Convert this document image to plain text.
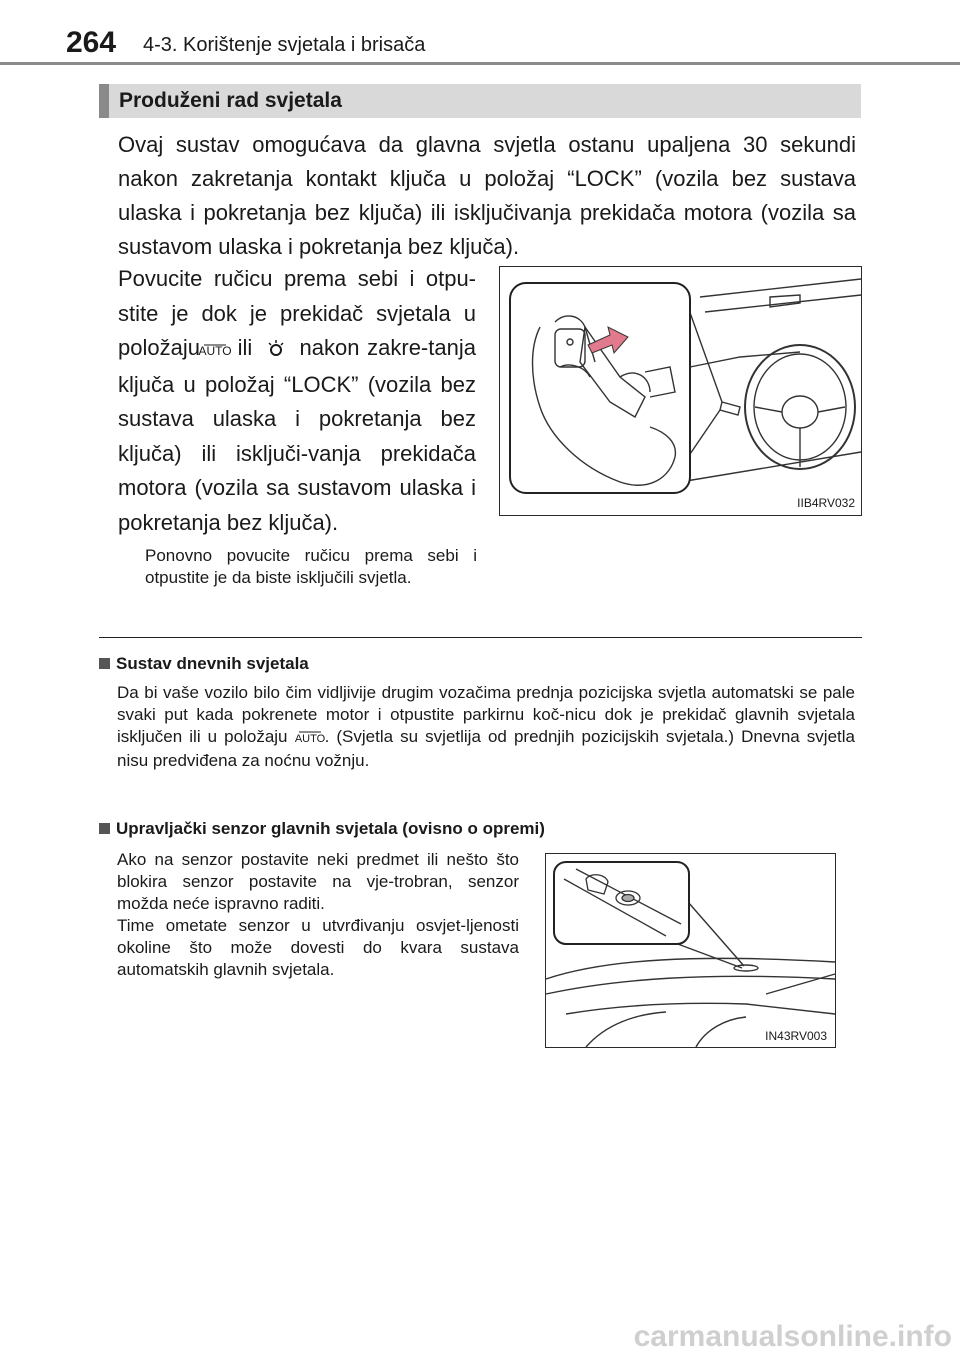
264 4-3. Korištenje svjetala i brisača
Produženi rad svjetala

Ovaj sustav omogućava da glavna svjetla ostanu upaljena 30 sekundi nakon zakretanja kontakt ključa u položaj “LOCK” (vozila bez sustava ulaska i pokretanja bez ključa) ili isključivanja prekidača motora (vozila sa sustavom ulaska i pokretanja bez ključa).

Povucite ručicu prema sebi i otpu-stite je dok je prekidač svjetala u položaju
AUTO ili nakon zakre-tanja ključa u položaj “LOCK” (vozila bez sustava ulaska i pokretanja bez ključa) ili isključi-vanja prekidača motora (vozila sa sustavom ulaska i pokretanja bez ključa).

Ponovno povucite ručicu prema sebi i otpustite je da biste isključili svjetla.

IIB4RV032
Sustav dnevnih svjetala

Da bi vaše vozilo bilo čim vidljivije drugim vozačima prednja pozicijska svjetla automatski se pale svaki put kada pokrenete motor i otpustite parkirnu koč-nicu dok je prekidač glavnih svjetala isključen ili u položaju AUTO . (Svjetla su svjetlija od prednjih pozicijskih svjetala.) Dnevna svjetla nisu predviđena za noćnu vožnju.

Upravljački senzor glavnih svjetala (ovisno o opremi)

Ako na senzor postavite neki predmet ili nešto što blokira senzor postavite na vje-trobran, senzor možda neće ispravno raditi.

Time ometate senzor u utvrđivanju osvjet-ljenosti okoline što može dovesti do kvara sustava automatskih glavnih svjetala.

IN43RV003
carmanualsonline.info
